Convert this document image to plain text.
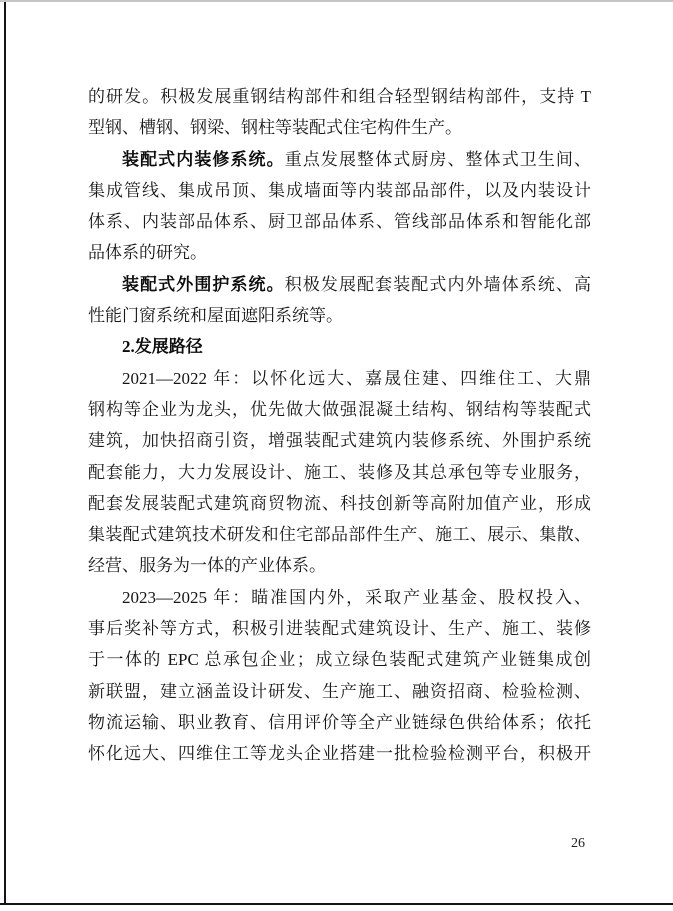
的研发。积极发展重钢结构部件和组合轻型钢结构部件，支持 T
型钢、槽钢、钢梁、钢柱等装配式住宅构件生产。
装配式内装修系统。重点发展整体式厨房、整体式卫生间、
集成管线、集成吊顶、集成墙面等内装部品部件，以及内装设计
体系、内装部品体系、厨卫部品体系、管线部品体系和智能化部
品体系的研究。
装配式外围护系统。积极发展配套装配式内外墙体系统、高
性能门窗系统和屋面遮阳系统等。
2.发展路径
2021—2022 年：以怀化远大、嘉晟住建、四维住工、大鼎
钢构等企业为龙头，优先做大做强混凝土结构、钢结构等装配式
建筑，加快招商引资，增强装配式建筑内装修系统、外围护系统
配套能力，大力发展设计、施工、装修及其总承包等专业服务，
配套发展装配式建筑商贸物流、科技创新等高附加值产业，形成
集装配式建筑技术研发和住宅部品部件生产、施工、展示、集散、
经营、服务为一体的产业体系。
2023—2025 年：瞄准国内外，采取产业基金、股权投入、
事后奖补等方式，积极引进装配式建筑设计、生产、施工、装修
于一体的 EPC 总承包企业；成立绿色装配式建筑产业链集成创
新联盟，建立涵盖设计研发、生产施工、融资招商、检验检测、
物流运输、职业教育、信用评价等全产业链绿色供给体系；依托
怀化远大、四维住工等龙头企业搭建一批检验检测平台，积极开
26
